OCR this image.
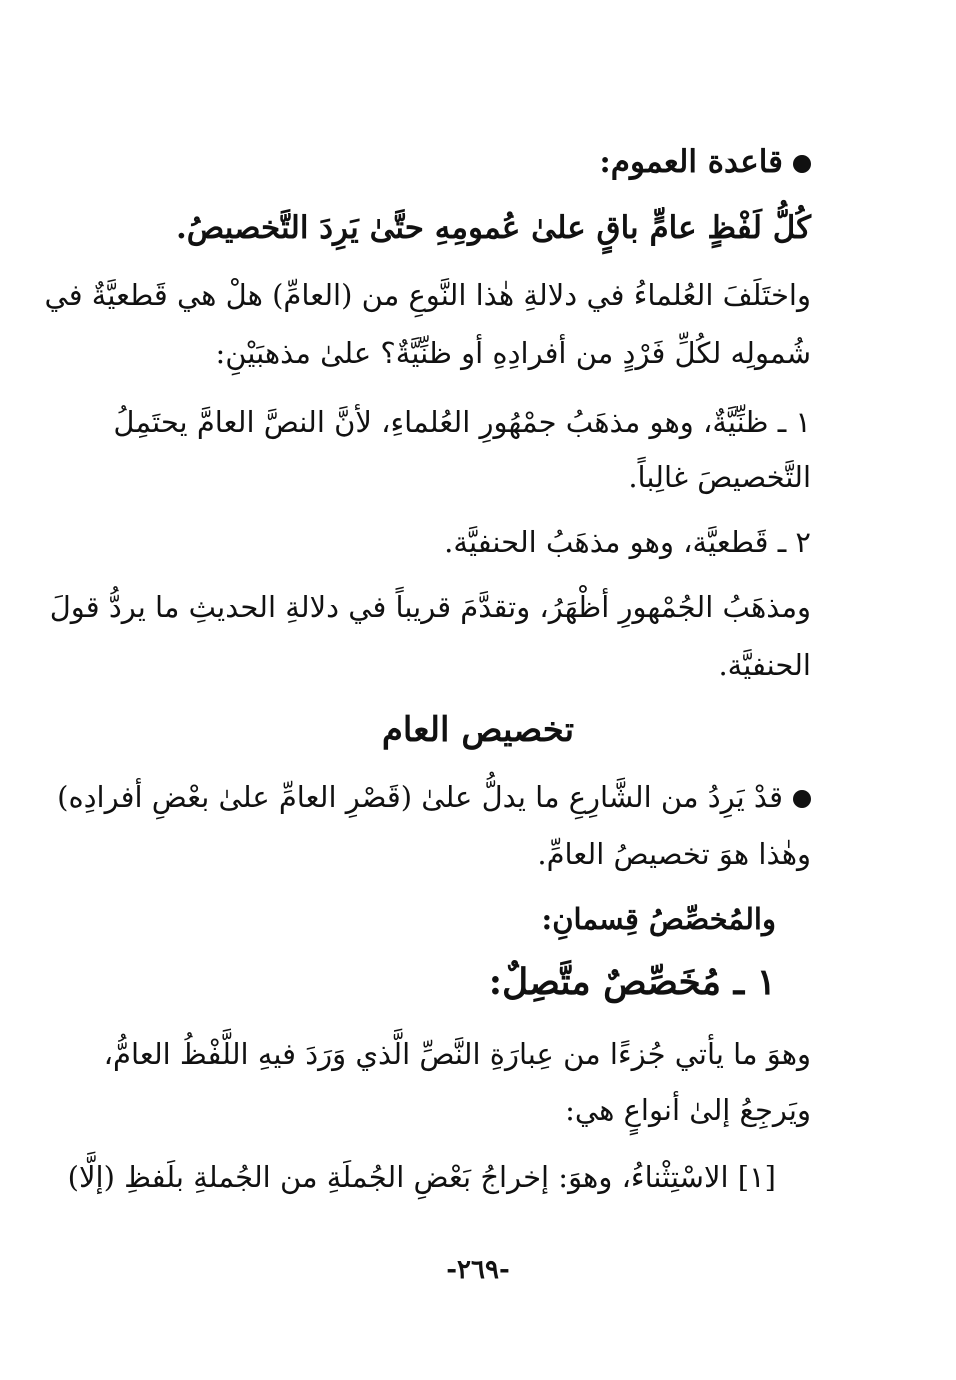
قاعدة العموم:
كُلُّ لَفْظٍ عامٍّ باقٍ علىٰ عُمومِهِ حتَّىٰ يَرِدَ التَّخصيصُ.
واختَلَفَ العُلماءُ في دلالةِ هٰذا النَّوعِ من (العامِّ) هلْ هي قَطعيَّةٌ في
شُمولِه لكُلِّ فَرْدٍ من أفرادِهِ أو ظنِّيَّةٌ؟ علىٰ مذهبَيْنِ:
١ ـ ظنِّيَّةٌ، وهو مذهَبُ جمْهُورِ العُلماءِ، لأنَّ النصَّ العامَّ يحتَمِلُ
التَّخصيصَ غالِباً.
٢ ـ قَطعيَّة، وهو مذهَبُ الحنفيَّة.
ومذهَبُ الجُمْهورِ أظْهَرُ، وتقدَّمَ قريباً في دلالةِ الحديثِ ما يردُّ قولَ
الحنفيَّة.
تخصيص العام
قدْ يَرِدُ من الشَّارِعِ ما يدلُّ علىٰ (قَصْرِ العامِّ علىٰ بعْضِ أفرادِه)
وهٰذا هوَ تخصيصُ العامِّ.
والمُخصِّصُ قِسمانِ:
١ ـ مُخَصِّصٌ متَّصِلٌ:
وهوَ ما يأتي جُزءًا من عِبارَةِ النَّصِّ الَّذي وَرَدَ فيهِ اللَّفْظُ العامُّ،
ويَرجِعُ إلىٰ أنواعٍ هي:
[١] الاسْتِثْناءُ، وهوَ: إخراجُ بَعْضِ الجُملَةِ من الجُملةِ بلَفظِ (إلَّا)
-٢٦٩-
